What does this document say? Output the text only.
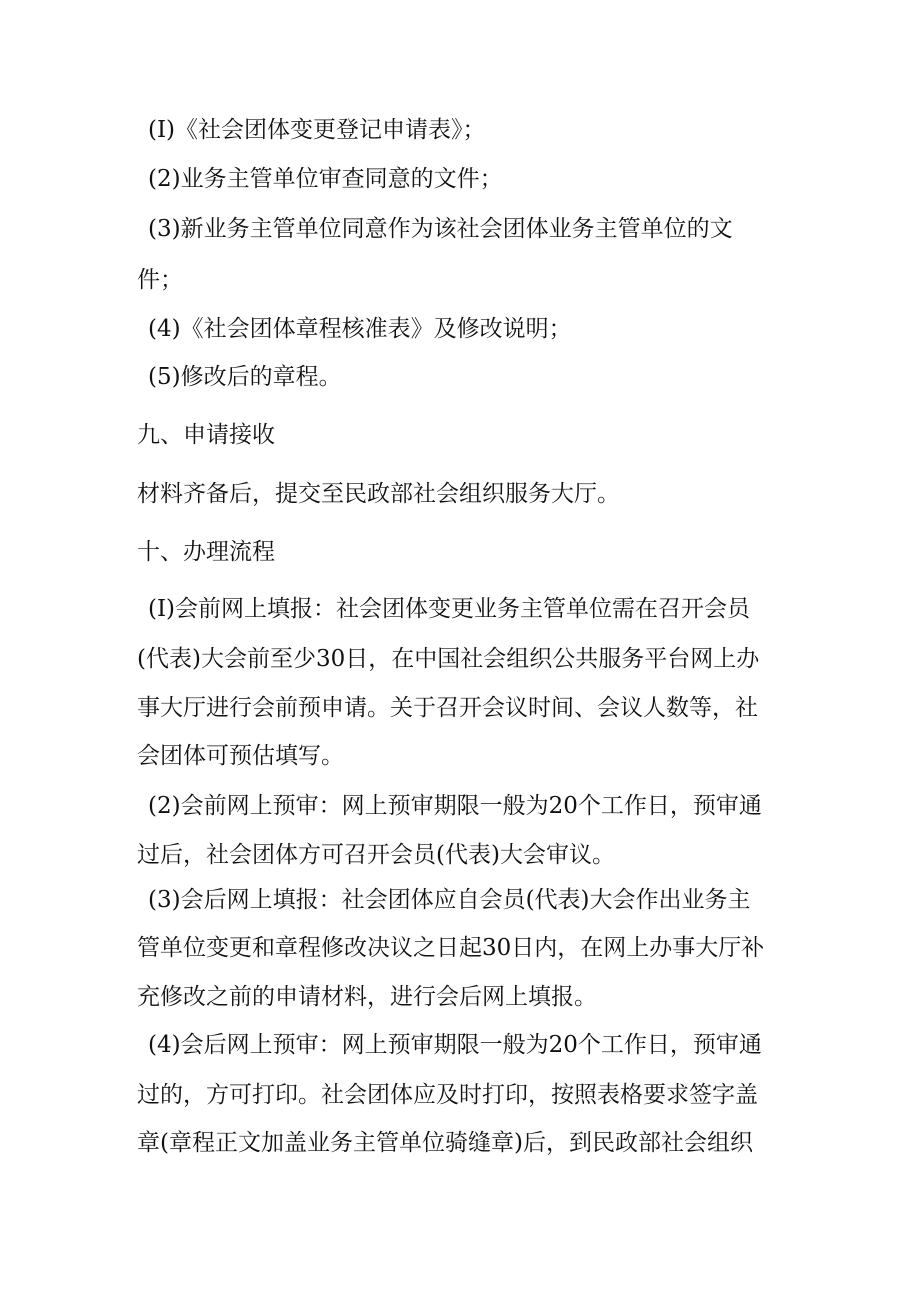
(I)《社会团体变更登记申请表》；
(2)业务主管单位审查同意的文件；
(3)新业务主管单位同意作为该社会团体业务主管单位的文
件；
(4)《社会团体章程核准表》及修改说明；
(5)修改后的章程。
九、申请接收
材料齐备后，提交至民政部社会组织服务大厅。
十、办理流程
(I)会前网上填报：社会团体变更业务主管单位需在召开会员
(代表)大会前至少30日，在中国社会组织公共服务平台网上办
事大厅进行会前预申请。关于召开会议时间、会议人数等，社
会团体可预估填写。
(2)会前网上预审：网上预审期限一般为20个工作日，预审通
过后，社会团体方可召开会员(代表)大会审议。
(3)会后网上填报：社会团体应自会员(代表)大会作出业务主
管单位变更和章程修改决议之日起30日内，在网上办事大厅补
充修改之前的申请材料，进行会后网上填报。
(4)会后网上预审：网上预审期限一般为20个工作日，预审通
过的，方可打印。社会团体应及时打印，按照表格要求签字盖
章(章程正文加盖业务主管单位骑缝章)后，到民政部社会组织
